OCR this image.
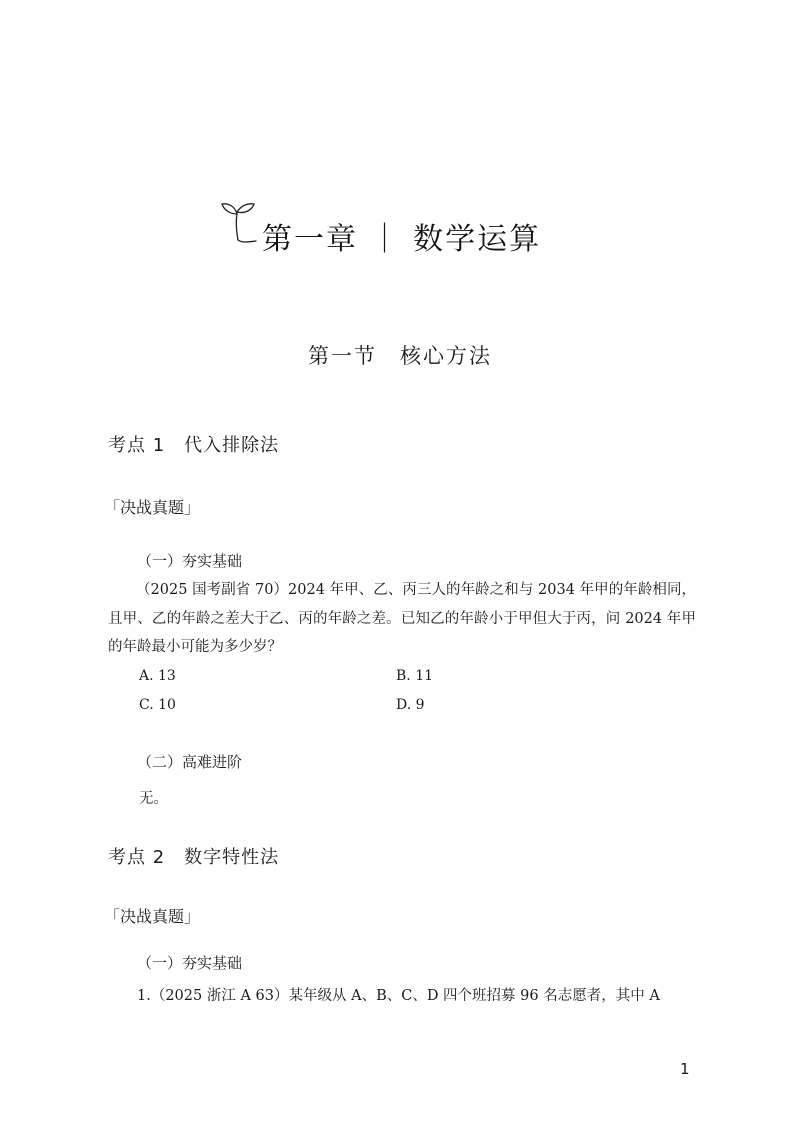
第一章 ｜ 数学运算
第一节　核心方法
考点 1　代入排除法
「决战真题」
（一）夯实基础
（2025 国考副省 70）2024 年甲、乙、丙三人的年龄之和与 2034 年甲的年龄相同，且甲、乙的年龄之差大于乙、丙的年龄之差。已知乙的年龄小于甲但大于丙，问 2024 年甲的年龄最小可能为多少岁？
A. 13	B. 11
C. 10	D. 9
（二）高难进阶
无。
考点 2　数字特性法
「决战真题」
（一）夯实基础
1.（2025 浙江 A 63）某年级从 A、B、C、D 四个班招募 96 名志愿者，其中 A
1
